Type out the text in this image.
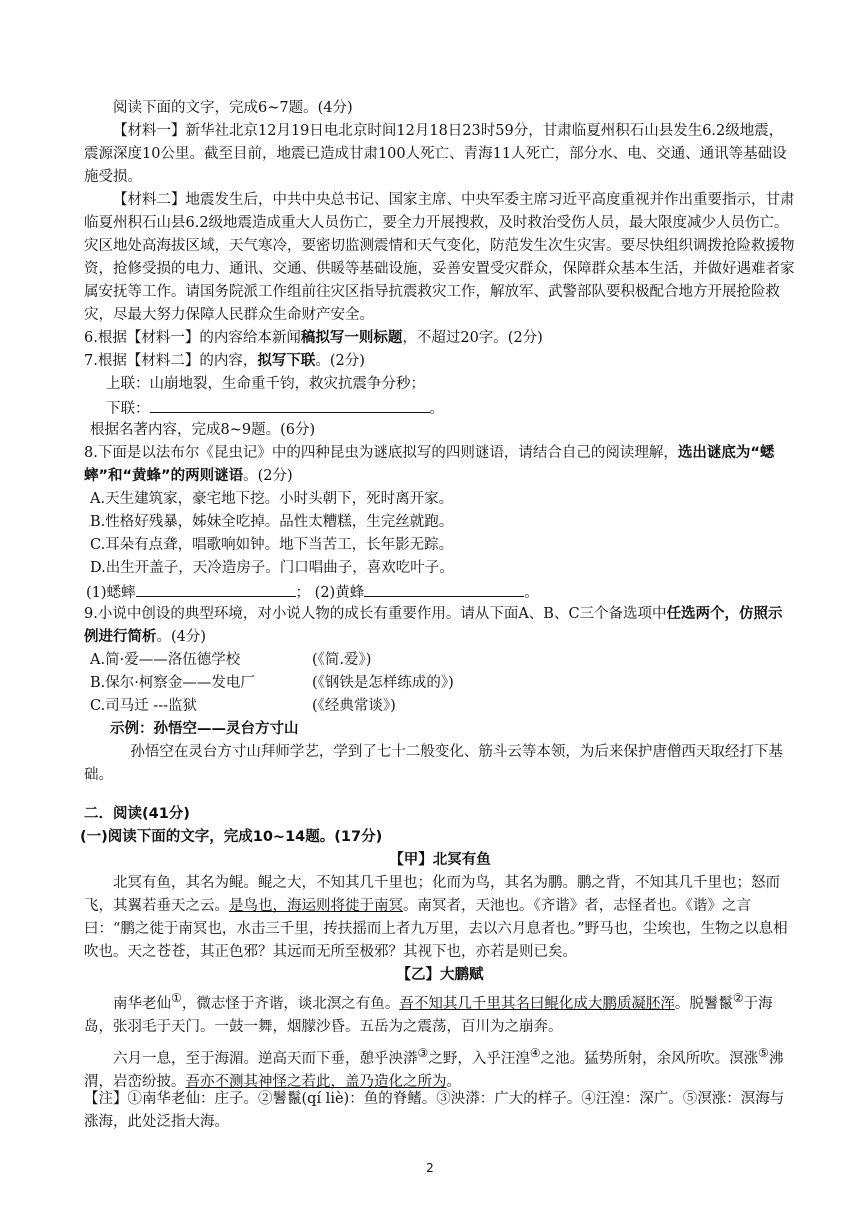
阅读下面的文字，完成6~7题。(4分)

【材料一】新华社北京12月19日电北京时间12月18日23时59分，甘肃临夏州积石山县发生6.2级地震，震源深度10公里。截至目前，地震已造成甘肃100人死亡、青海11人死亡，部分水、电、交通、通讯等基础设施受损。

【材料二】地震发生后，中共中央总书记、国家主席、中央军委主席习近平高度重视并作出重要指示，甘肃临夏州积石山县6.2级地震造成重大人员伤亡，要全力开展搜救，及时救治受伤人员，最大限度减少人员伤亡。灾区地处高海拔区域，天气寒冷，要密切监测震情和天气变化，防范发生次生灾害。要尽快组织调拨抢险救援物资，抢修受损的电力、通讯、交通、供暖等基础设施，妥善安置受灾群众，保障群众基本生活，并做好遇难者家属安抚等工作。请国务院派工作组前往灾区指导抗震救灾工作，解放军、武警部队要积极配合地方开展抢险救灾，尽最大努力保障人民群众生命财产安全。

6.根据【材料一】的内容给本新闻稿拟写一则标题，不超过20字。(2分)

7.根据【材料二】的内容，拟写下联。(2分)

上联：山崩地裂，生命重千钧，救灾抗震争分秒；

下联：	。

根据名著内容，完成8~9题。(6分)

8.下面是以法布尔《昆虫记》中的四种昆虫为谜底拟写的四则谜语，请结合自己的阅读理解，选出谜底为“蟋蟀”和“黄蜂”的两则谜语。(2分)

A.天生建筑家，豪宅地下挖。小时头朝下，死时离开家。
B.性格好残暴，姊妹全吃掉。品性太糟糕，生完丝就跑。
C.耳朵有点聋，唱歌响如钟。地下当苦工，长年影无踪。
D.出生开盖子，天冷造房子。门口唱曲子，喜欢吃叶子。

(1)蟋蟀	； (2)黄蜂	。

9.小说中创设的典型环境，对小说人物的成长有重要作用。请从下面A、B、C三个备选项中任选两个，仿照示例进行简析。(4分)

A.简·爱——洛伍德学校	(《简.爱》)
B.保尔·柯察金——发电厂	(《钢铁是怎样练成的》)
C.司马迁 ---监狱	(《经典常谈》)

示例：孙悟空——灵台方寸山

孙悟空在灵台方寸山拜师学艺，学到了七十二般变化、筋斗云等本领，为后来保护唐僧西天取经打下基础。

二．阅读(41分)

(一)阅读下面的文字，完成10~14题。(17分)

【甲】北冥有鱼

北冥有鱼，其名为鲲。鲲之大，不知其几千里也；化而为鸟，其名为鹏。鹏之背，不知其几千里也；怒而飞，其翼若垂天之云。是鸟也，海运则将徙于南冥。南冥者，天池也。《齐谐》者，志怪者也。《谐》之言曰：“鹏之徙于南冥也，水击三千里，抟扶摇而上者九万里，去以六月息者也。”野马也，尘埃也，生物之以息相吹也。天之苍苍，其正色邪？其远而无所至极邪？其视下也，亦若是则已矣。

【乙】大鹏赋

南华老仙①，微志怪于齐谐，谈北溟之有鱼。吾不知其几千里其名曰鲲化成大鹏质凝胚浑。脱鬐鬣②于海岛，张羽毛于天门。一鼓一舞，烟朦沙昏。五岳为之震荡，百川为之崩奔。

六月一息，至于海湄。逆高天而下垂，憩乎泱漭③之野，入乎汪湟④之池。猛势所射，余风所吹。溟涨⑤沸渭，岩峦纷披。吾亦不测其神怪之若此，盖乃造化之所为。

【注】①南华老仙：庄子。②鬐鬣(qí liè)：鱼的脊鳍。③泱漭：广大的样子。④汪湟：深广。⑤溟涨：溟海与涨海，此处泛指大海。

2
